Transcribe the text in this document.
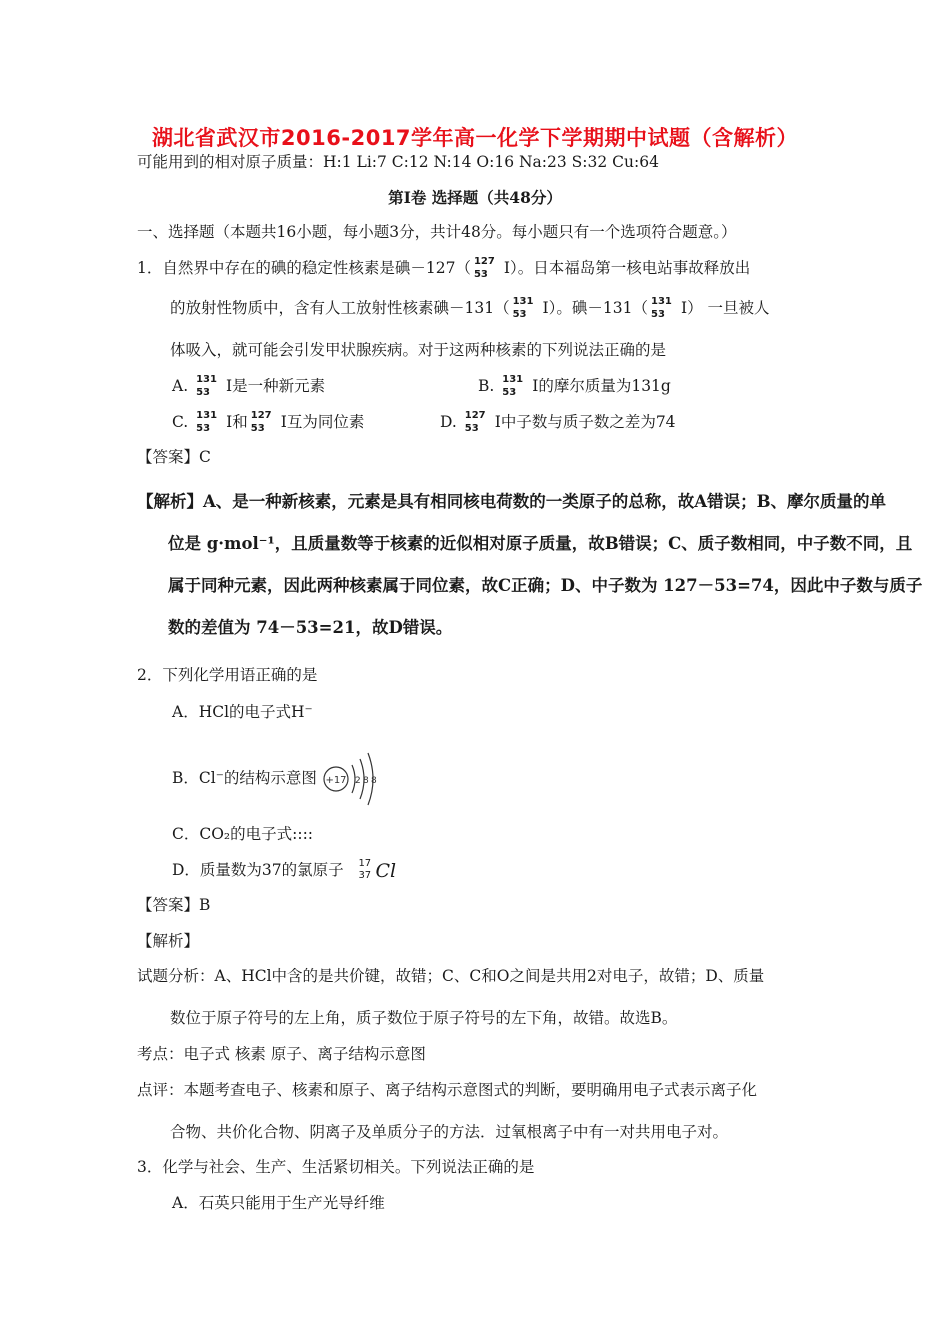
湖北省武汉市2016-2017学年高一化学下学期期中试题（含解析）
可能用到的相对原子质量：H:1 Li:7 C:12 N:14 O:16 Na:23 S:32 Cu:64
第Ⅰ卷 选择题（共48分）
一、选择题（本题共16小题，每小题3分，共计48分。每小题只有一个选项符合题意。）
1．自然界中存在的碘的稳定性核素是碘－127（ 127
53 I）。日本福岛第一核电站事故释放出
的放射性物质中，含有人工放射性核素碘－131（ 131
53 I）。碘－131（ 131
53 I） 一旦被人
体吸入，就可能会引发甲状腺疾病。对于这两种核素的下列说法正确的是
A. 131
53 I是一种新元素	B. 131
53 I的摩尔质量为131g
C. 131
53 I和 127
53 I互为同位素	D. 127
53 I中子数与质子数之差为74
【答案】C
【解析】A、是一种新核素，元素是具有相同核电荷数的一类原子的总称，故A错误；B、摩尔质量的单
位是 g·mol⁻¹，且质量数等于核素的近似相对原子质量，故B错误；C、质子数相同，中子数不同，且
属于同种元素，因此两种核素属于同位素，故C正确；D、中子数为 127－53=74，因此中子数与质子
数的差值为 74－53=21，故D错误。
2．下列化学用语正确的是
A．HCl的电子式H⁻
B．Cl⁻的结构示意图 +17 2 8 8
C．CO₂的电子式::::
D．质量数为37的氯原子 17
37 Cl
【答案】B
【解析】
试题分析：A、HCl中含的是共价键，故错；C、C和O之间是共用2对电子，故错；D、质量
数位于原子符号的左上角，质子数位于原子符号的左下角，故错。故选B。
考点：电子式 核素 原子、离子结构示意图
点评：本题考查电子、核素和原子、离子结构示意图式的判断，要明确用电子式表示离子化
合物、共价化合物、阴离子及单质分子的方法．过氧根离子中有一对共用电子对。
3．化学与社会、生产、生活紧切相关。下列说法正确的是
A．石英只能用于生产光导纤维
